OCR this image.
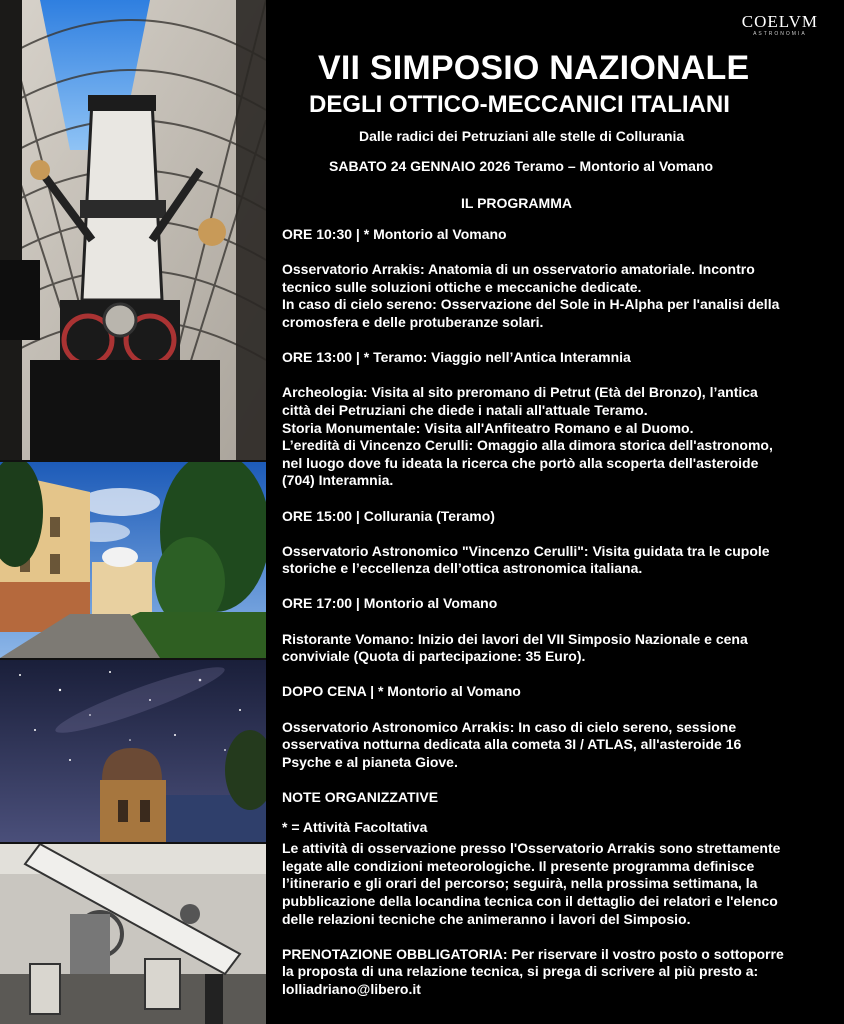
COELVM
ASTRONOMIA
VII SIMPOSIO NAZIONALE
DEGLI OTTICO-MECCANICI ITALIANI
Dalle radici dei Petruziani alle stelle di Collurania
SABATO 24 GENNAIO 2026 Teramo – Montorio al Vomano
IL PROGRAMMA

ORE 10:30 | * Montorio al Vomano

Osservatorio Arrakis: Anatomia di un osservatorio amatoriale. Incontro

tecnico sulle soluzioni ottiche e meccaniche dedicate.

In caso di cielo sereno: Osservazione del Sole in H-Alpha per l'analisi della

cromosfera e delle protuberanze solari.

ORE 13:00 | * Teramo: Viaggio nell’Antica Interamnia

Archeologia: Visita al sito preromano di Petrut (Età del Bronzo), l’antica

città dei Petruziani che diede i natali all'attuale Teramo.

Storia Monumentale: Visita all'Anfiteatro Romano e al Duomo.

L’eredità di Vincenzo Cerulli: Omaggio alla dimora storica dell'astronomo,

nel luogo dove fu ideata la ricerca che portò alla scoperta dell'asteroide

(704) Interamnia.

ORE 15:00 | Collurania (Teramo)

Osservatorio Astronomico "Vincenzo Cerulli": Visita guidata tra le cupole

storiche e l’eccellenza dell’ottica astronomica italiana.

ORE 17:00 | Montorio al Vomano

Ristorante Vomano: Inizio dei lavori del VII Simposio Nazionale e cena

conviviale (Quota di partecipazione: 35 Euro).

DOPO CENA | * Montorio al Vomano

Osservatorio Astronomico Arrakis: In caso di cielo sereno, sessione

osservativa notturna dedicata alla cometa 3I / ATLAS, all'asteroide 16

Psyche e al pianeta Giove.

NOTE ORGANIZZATIVE

* = Attività Facoltativa

Le attività di osservazione presso l'Osservatorio Arrakis sono strettamente

legate alle condizioni meteorologiche. Il presente programma definisce

l’itinerario e gli orari del percorso; seguirà, nella prossima settimana, la

pubblicazione della locandina tecnica con il dettaglio dei relatori e l'elenco

delle relazioni tecniche che animeranno i lavori del Simposio.

PRENOTAZIONE OBBLIGATORIA: Per riservare il vostro posto o sottoporre

la proposta di una relazione tecnica, si prega di scrivere al più presto a:

lolliadriano@libero.it
